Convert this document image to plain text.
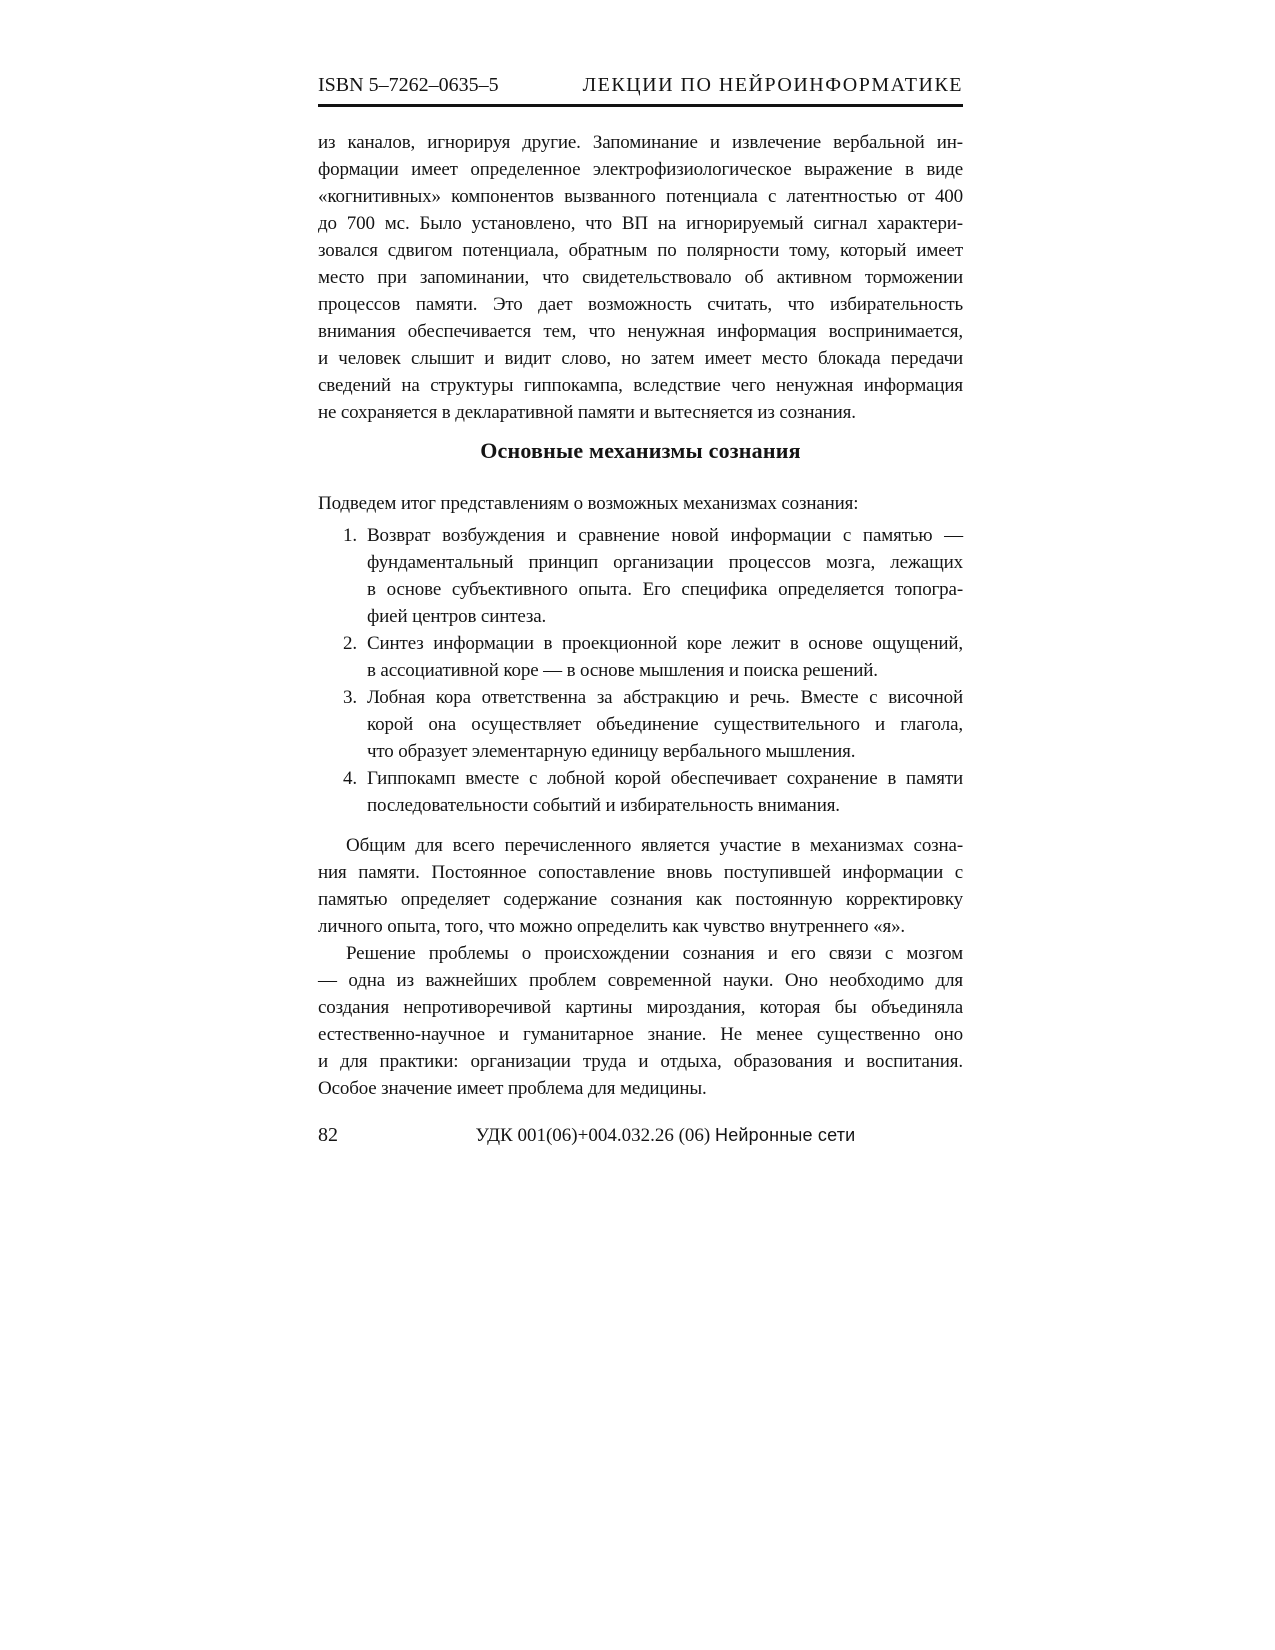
ISBN 5–7262–0635–5	ЛЕКЦИИ ПО НЕЙРОИНФОРМАТИКЕ
из каналов, игнорируя другие. Запоминание и извлечение вербальной ин-
формации имеет определенное электрофизиологическое выражение в виде
«когнитивных» компонентов вызванного потенциала с латентностью от 400
до 700 мс. Было установлено, что ВП на игнорируемый сигнал характери-
зовался сдвигом потенциала, обратным по полярности тому, который имеет
место при запоминании, что свидетельствовало об активном торможении
процессов памяти. Это дает возможность считать, что избирательность
внимания обеспечивается тем, что ненужная информация воспринимается,
и человек слышит и видит слово, но затем имеет место блокада передачи
сведений на структуры гиппокампа, вследствие чего ненужная информация
не сохраняется в декларативной памяти и вытесняется из сознания.
Основные механизмы сознания
Подведем итог представлениям о возможных механизмах сознания:
1. Возврат возбуждения и сравнение новой информации с памятью —
фундаментальный принцип организации процессов мозга, лежащих
в основе субъективного опыта. Его специфика определяется топогра-
фией центров синтеза.
2. Синтез информации в проекционной коре лежит в основе ощущений,
в ассоциативной коре — в основе мышления и поиска решений.
3. Лобная кора ответственна за абстракцию и речь. Вместе с височной
корой она осуществляет объединение существительного и глагола,
что образует элементарную единицу вербального мышления.
4. Гиппокамп вместе с лобной корой обеспечивает сохранение в памяти
последовательности событий и избирательность внимания.
Общим для всего перечисленного является участие в механизмах созна-
ния памяти. Постоянное сопоставление вновь поступившей информации с
памятью определяет содержание сознания как постоянную корректировку
личного опыта, того, что можно определить как чувство внутреннего «я».
Решение проблемы о происхождении сознания и его связи с мозгом
— одна из важнейших проблем современной науки. Оно необходимо для
создания непротиворечивой картины мироздания, которая бы объединяла
естественно-научное и гуманитарное знание. Не менее существенно оно
и для практики: организации труда и отдыха, образования и воспитания.
Особое значение имеет проблема для медицины.
82	УДК 001(06)+004.032.26 (06) Нейронные сети
